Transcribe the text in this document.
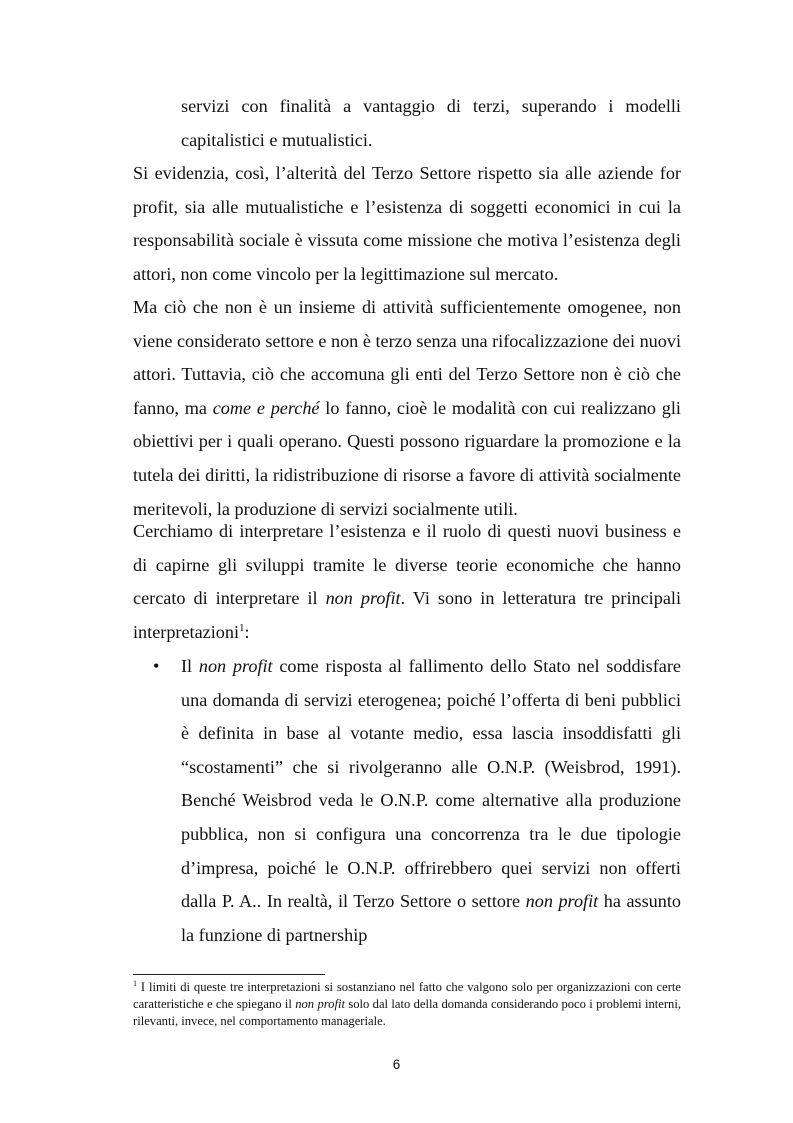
servizi con finalità a vantaggio di terzi, superando i modelli capitalistici e mutualistici.

Si evidenzia, così, l’alterità del Terzo Settore rispetto sia alle aziende for profit, sia alle mutualistiche e l’esistenza di soggetti economici in cui la responsabilità sociale è vissuta come missione che motiva l’esistenza degli attori, non come vincolo per la legittimazione sul mercato.

Ma ciò che non è un insieme di attività sufficientemente omogenee, non viene considerato settore e non è terzo senza una rifocalizzazione dei nuovi attori. Tuttavia, ciò che accomuna gli enti del Terzo Settore non è ciò che fanno, ma come e perché lo fanno, cioè le modalità con cui realizzano gli obiettivi per i quali operano. Questi possono riguardare la promozione e la tutela dei diritti, la ridistribuzione di risorse a favore di attività socialmente meritevoli, la produzione di servizi socialmente utili.

Cerchiamo di interpretare l’esistenza e il ruolo di questi nuovi business e di capirne gli sviluppi tramite le diverse teorie economiche che hanno cercato di interpretare il non profit. Vi sono in letteratura tre principali interpretazioni$^1$:

• Il non profit come risposta al fallimento dello Stato nel soddisfare una domanda di servizi eterogenea; poiché l’offerta di beni pubblici è definita in base al votante medio, essa lascia insoddisfatti gli “scostamenti” che si rivolgeranno alle O.N.P. (Weisbrod, 1991). Benché Weisbrod veda le O.N.P. come alternative alla produzione pubblica, non si configura una concorrenza tra le due tipologie d’impresa, poiché le O.N.P. offrirebbero quei servizi non offerti dalla P. A.. In realtà, il Terzo Settore o settore non profit ha assunto la funzione di partnership

$^1$ I limiti di queste tre interpretazioni si sostanziano nel fatto che valgono solo per organizzazioni con certe caratteristiche e che spiegano il non profit solo dal lato della domanda considerando poco i problemi interni, rilevanti, invece, nel comportamento manageriale.

6
